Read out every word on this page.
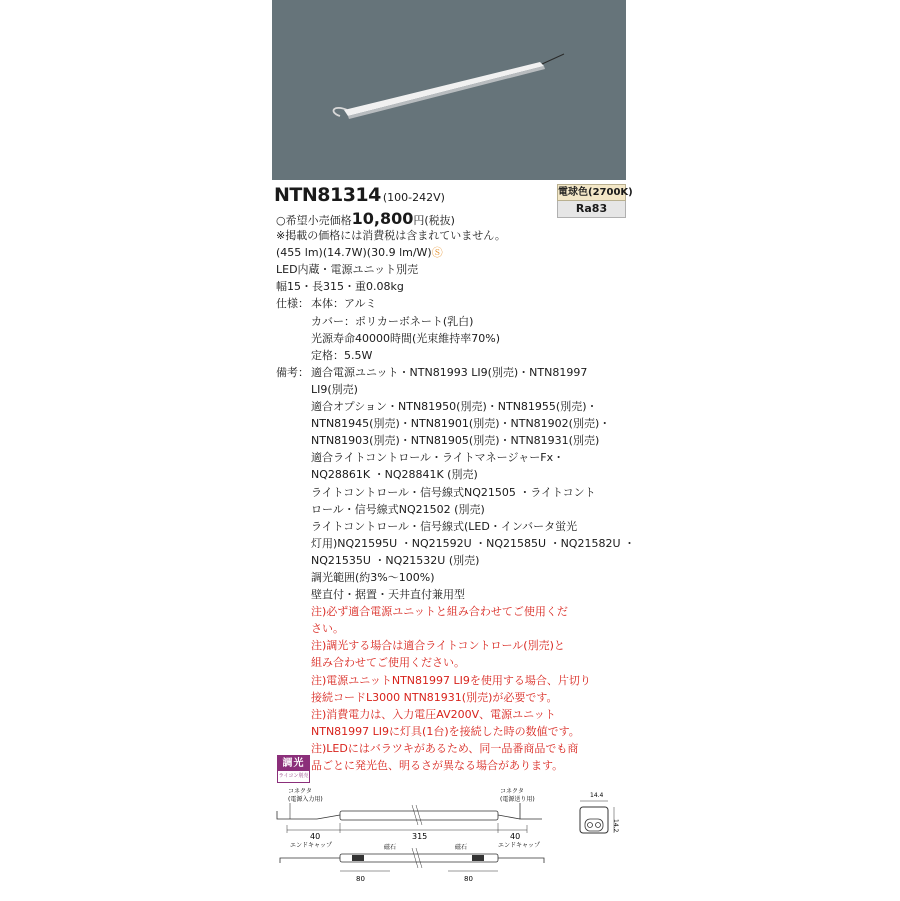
NTN81314 (100-242V)	電球色(2700K)
Ra83
○希望小売価格10,800円(税抜)
※掲載の価格には消費税は含まれていません。
(455 lm)(14.7W)(30.9 lm/W)Ⓢ
LED内蔵・電源ユニット別売
幅15・長315・重0.08kg
仕様： 本体：アルミ
カバー：ポリカーボネート(乳白)
光源寿命40000時間(光束維持率70%)
定格：5.5W
備考： 適合電源ユニット・NTN81993 LI9(別売)・NTN81997
LI9(別売)
適合オプション・NTN81950(別売)・NTN81955(別売)・
NTN81945(別売)・NTN81901(別売)・NTN81902(別売)・
NTN81903(別売)・NTN81905(別売)・NTN81931(別売)
適合ライトコントロール・ライトマネージャーFx・
NQ28861K ・NQ28841K (別売)
ライトコントロール・信号線式NQ21505 ・ライトコント
ロール・信号線式NQ21502 (別売)
ライトコントロール・信号線式(LED・インバータ蛍光
灯用)NQ21595U ・NQ21592U ・NQ21585U ・NQ21582U ・
NQ21535U ・NQ21532U (別売)
調光範囲(約3%～100%)
壁直付・据置・天井直付兼用型
注)必ず適合電源ユニットと組み合わせてご使用くだ
さい。
注)調光する場合は適合ライトコントロール(別売)と
組み合わせてご使用ください。
注)電源ユニットNTN81997 LI9を使用する場合、片切り
接続コードL3000 NTN81931(別売)が必要です。
注)消費電力は、入力電圧AV200V、電源ユニット
NTN81997 LI9に灯具(1台)を接続した時の数値です。
注)LEDにはバラツキがあるため、同一品番商品でも商
品ごとに発光色、明るさが異なる場合があります。
調光
ライコン別売
コネクタ
(電源入力用)
コネクタ
(電源送り用)
40	315	40
14.4
14.2
エンドキャップ	エンドキャップ
磁石	磁石
80	80
